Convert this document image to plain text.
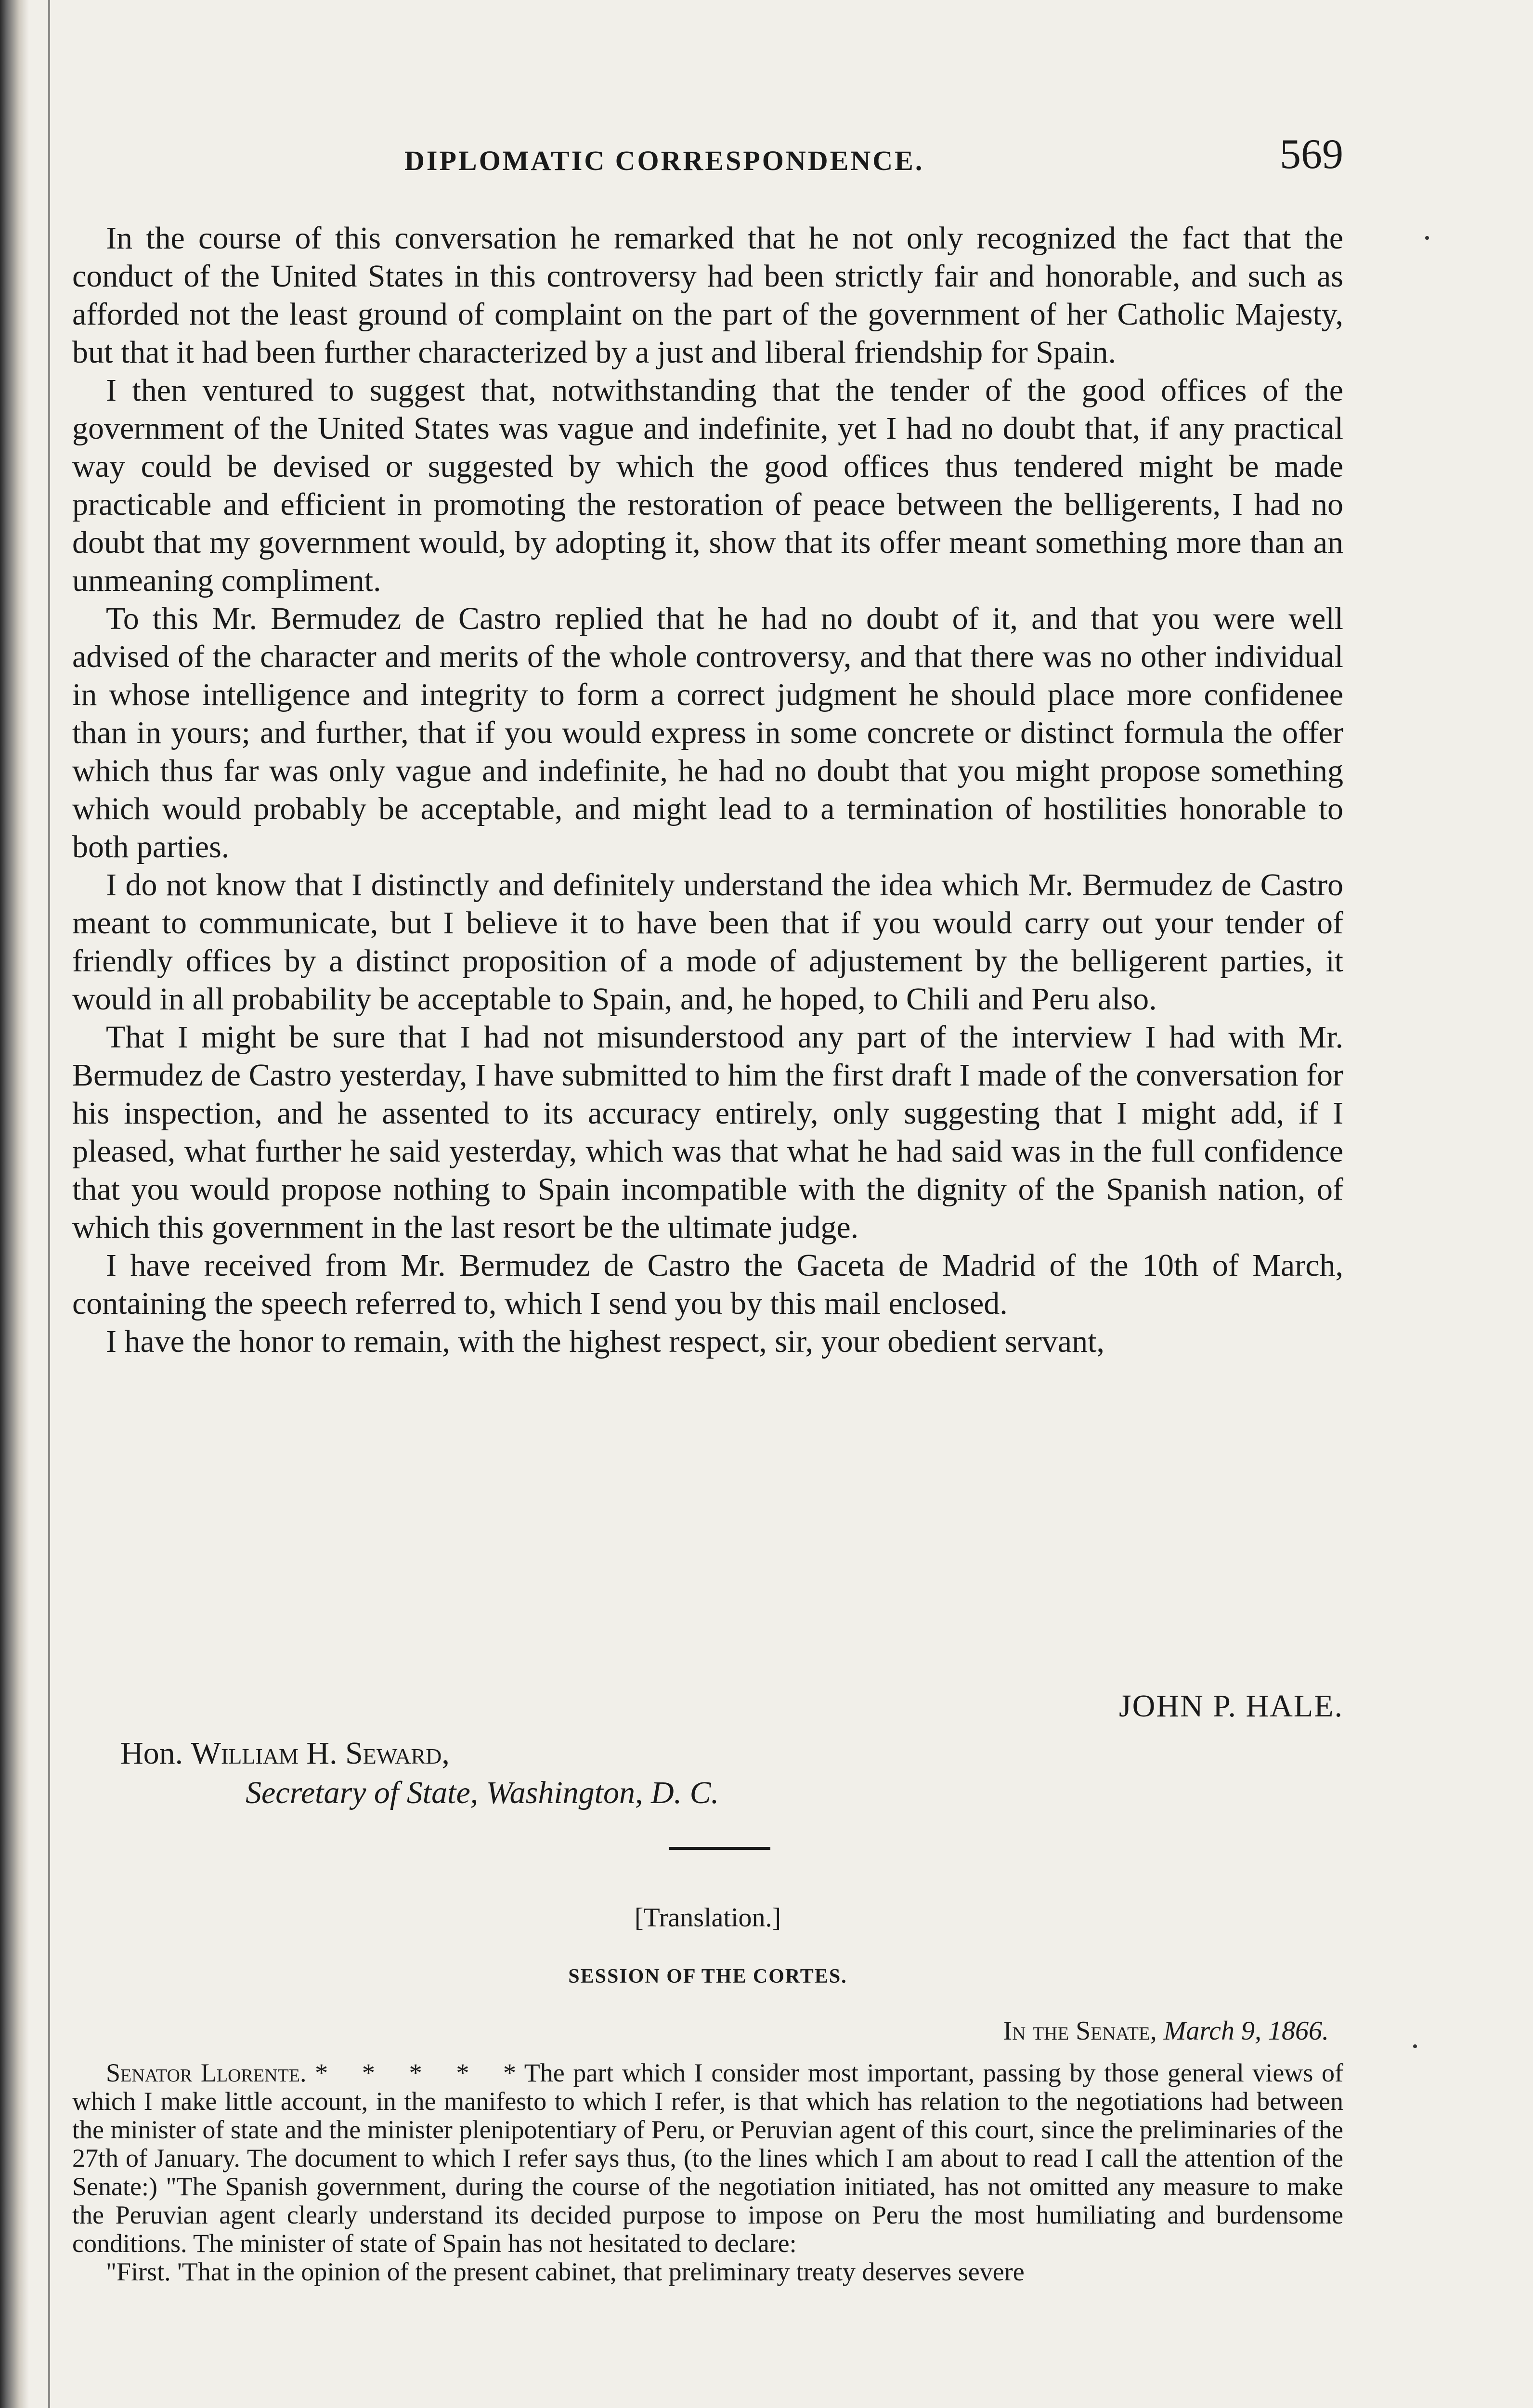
DIPLOMATIC CORRESPONDENCE.	569

In the course of this conversation he remarked that he not only recognized the fact that the conduct of the United States in this controversy had been strictly fair and honorable, and such as afforded not the least ground of complaint on the part of the government of her Catholic Majesty, but that it had been further characterized by a just and liberal friendship for Spain.

I then ventured to suggest that, notwithstanding that the tender of the good offices of the government of the United States was vague and indefinite, yet I had no doubt that, if any practical way could be devised or suggested by which the good offices thus tendered might be made practicable and efficient in promoting the restoration of peace between the belligerents, I had no doubt that my government would, by adopting it, show that its offer meant something more than an unmeaning compliment.

To this Mr. Bermudez de Castro replied that he had no doubt of it, and that you were well advised of the character and merits of the whole controversy, and that there was no other individual in whose intelligence and integrity to form a correct judgment he should place more confidenee than in yours; and further, that if you would express in some concrete or distinct formula the offer which thus far was only vague and indefinite, he had no doubt that you might propose something which would probably be acceptable, and might lead to a termination of hostilities honorable to both parties.

I do not know that I distinctly and definitely understand the idea which Mr. Bermudez de Castro meant to communicate, but I believe it to have been that if you would carry out your tender of friendly offices by a distinct proposition of a mode of adjustement by the belligerent parties, it would in all probability be acceptable to Spain, and, he hoped, to Chili and Peru also.

That I might be sure that I had not misunderstood any part of the interview I had with Mr. Bermudez de Castro yesterday, I have submitted to him the first draft I made of the conversation for his inspection, and he assented to its accuracy entirely, only suggesting that I might add, if I pleased, what further he said yesterday, which was that what he had said was in the full confidence that you would propose nothing to Spain incompatible with the dignity of the Spanish nation, of which this government in the last resort be the ultimate judge.

I have received from Mr. Bermudez de Castro the Gaceta de Madrid of the 10th of March, containing the speech referred to, which I send you by this mail enclosed.

I have the honor to remain, with the highest respect, sir, your obedient servant,

JOHN P. HALE.
Hon. William H. Seward,
Secretary of State, Washington, D. C.
[Translation.]
SESSION OF THE CORTES.
In the Senate, March 9, 1866.

Senator Llorente. *    *    *    *    * The part which I consider most important, passing by those general views of which I make little account, in the manifesto to which I refer, is that which has relation to the negotiations had between the minister of state and the minister plenipotentiary of Peru, or Peruvian agent of this court, since the preliminaries of the 27th of January. The document to which I refer says thus, (to the lines which I am about to read I call the attention of the Senate:) "The Spanish government, during the course of the negotiation initiated, has not omitted any measure to make the Peruvian agent clearly understand its decided purpose to impose on Peru the most humiliating and burdensome conditions. The minister of state of Spain has not hesitated to declare:

"First. 'That in the opinion of the present cabinet, that preliminary treaty deserves severe
